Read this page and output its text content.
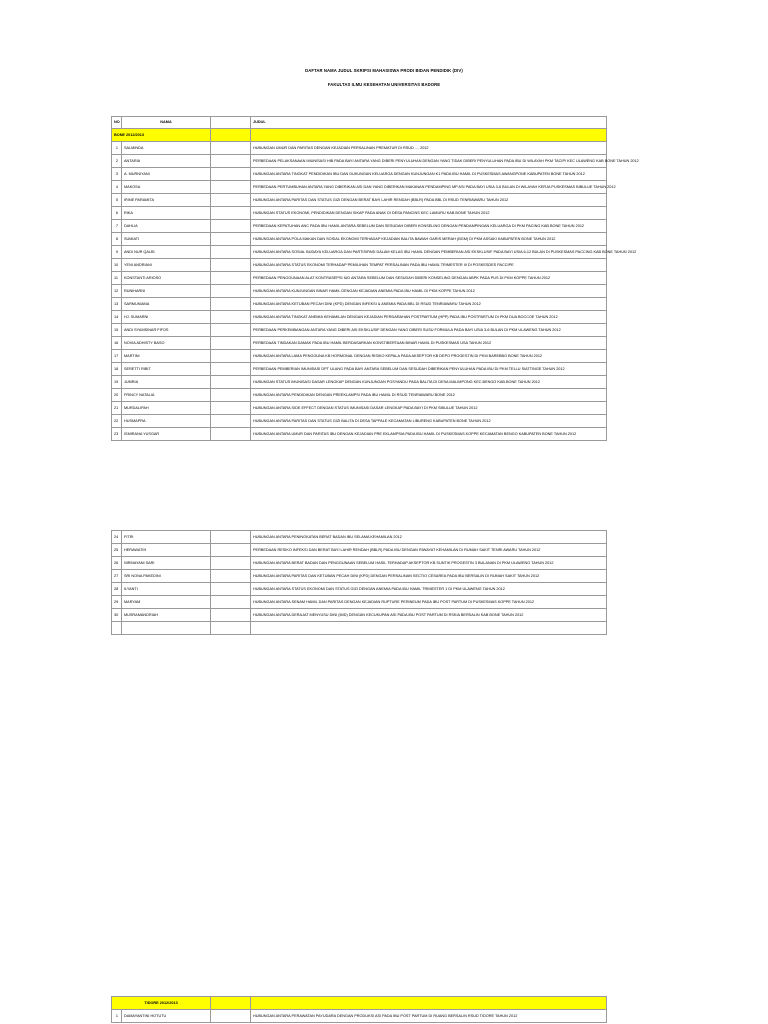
DAFTAR NAMA JUDUL SKRIPSI MAHASISWA PRODI BIDAN PENDIDIK (DIV)
FAKULTAS ILMU KESEHATAN UNIVERSITAS BADORE
NO	NAMA		JUDUL
BONE 2012/2013			
1	SALMINDA		HUBUNGAN UMUR DAN PARITAS DENGAN KEJADIAN PERSALINAN PREMATUR DI RSUD .... 2012
2	ANTARIA		PERBEDAAN PELAKSANAAN IMUNISASI HIB PADA BAYI ANTARA YANG DIBERI PENYULUHAN DENGAN YANG TIDAK DIBERI PENYULUHAN PADA IBU DI WILAYAH PKM TACIPI KEC ULAWENG KAB BONE TAHUN 2012
3	A. MURNIYANI		HUBUNGAN ANTARA TINGKAT PENDIDIKAN IBU DAN DUKUNGAN KELUARGA DENGAN KUNJUNGAN K1 PADA IBU HAMIL DI PUSKESMAS AWANGPONE KABUPATEN BONE TAHUN 2012
4	MAKOSA		PERBEDAAN PERTUMBUHAN ANTARA YANG DIBERIKAN ASI DAN YANG DIBERIKAN MAKANAN PENDAMPING MP ASI PADA BAYI USIA 3-6 BULAN DI WILAYAH KERJA PUSKESMAS BIBULUE TAHUN 2012
5	IRINE PARAMITA		HUBUNGAN ANTARA PARITAS DAN STATUS GIZI DENGAN BERAT BAYI LAHIR RENDAH (BBLR) PADA BBL DI RSUD TENRIAWARU TAHUN 2012
6	RIKA		HUBUNGAN STATUS EKONOMI, PENDIDIKAN DENGAN SIKAP PADA ANAK DI DESA PANCINS KEC LAMURU KAB BONE TAHUN 2012
7	DAHLIA		PERBEDAAN KEPATUHAN ANC PADA IBU HAMIL ANTARA SEBELUM DAN SESUDAH DIBERI KONSELING DENGAN PENDAMPINGAN KELUARGA DI PKM PACING KAB BONE TAHUN 2012
8	SUMIATI		HUBUNGAN ANTARA POLA MAKAN DAN SOSIAL EKONOMI TERHADAP KEJADIAN BALITA BAWAH GARIS MERAH (BGM) DI PKM ASSAKI KABUPATEN BONE TAHUN 2012
9	ANDI NUR QALBI		HUBUNGAN ANTARA SOSIAL BUDAYA KELUARGA DAN PARTISIPASI DALAM KELAS IBU HAMIL DENGAN PEMBERIAN ASI EKSKLUSIF PADA BAYI USIA 6-12 BULAN DI PUSKESMAS PACCING KAB BONE TAHUN 2012
10	YENI ANDRIANI		HUBUNGAN ANTARA STATUS EKONOMI TERHADAP PEMILIHAN TEMPAT PERSALINAN PADA IBU HAMIL TRIMESTER III DI POSKESDES PACCIPE
11	KONSTANTI ARIOSO		PERBEDAAN PENGGUNAAN ALAT KONTRASEPSI IUD ANTARA SEBELUM DAN SESUDAH DIBERI KONSELING DENGAN ABPK PADA PUS DI PKM KOPPE TAHUN 2012
12	RUNIHARNI		HUBUNGAN ANTARA KUNJUNGAN BINAR HAMIL DENGAN KEJADIAN ANEMIA PADA IBU HAMIL DI PKM KOPPE TAHUN 2012
13	SARMUNIANA		HUBUNGAN ANTARA KETUBAN PECAH DINI (KPD) DENGAN INFEKSI & ANEMIA PADA BBL DI RSUD TENRIAWARU TAHUN 2012
14	HJ. SUMARNI		HUBUNGAN ANTARA TINGKAT ANEMIA KEHAMILAN DENGAN KEJADIAN PERDARAHAN POSTPARTUM (HPP) PADA IBU POSTPARTUM DI PKM DUA BOCCOE TAHUN 2012
15	ANDI SYAMSINAR FIFOS		PERBEDAAN PERKEMBANGAN ANTARA YANG DIBERI ASI EKSKLUSIF DENGAN YANG DIBERI SUSU FORMULA PADA BAYI USIA 3-6 BULAN DI PKM ULAWENG TAHUN 2012
16	NOVIA ADHISTY BASO		PERBEDAAN TINDAKAN DAMAK PADA IBU HAMIL BERDASARKAN KONSTIBERTAAN BINAR HAMIL DI PUSKESMAS USA TAHUN 2012
17	MARTINI		HUBUNGAN ANTARA LAMA PENGGUNA KB HORMONAL DENGAN RISIKO KEPALA PADA AKSEPTOR KB DEPO PROGESTIN DI PKM BAREBBO BONE TAHUN 2012
18	SERETTI RIBIT		PERBEDAAN PEMBERIAN IMUNISASI DPT ULANG PADA BAYI ANTARA SEBELUM DAN SESUDAH DIBERIKAN PENYULUHAN PADA IBU DI PKM TELLU SIATTINGE TAHUN 2012
19	JUMRIA		HUBUNGAN STATUS IMUNISASI DASAR LENGKAP DENGAN KUNJUNGAN POSYANDU PADA BALITA DI DESA MALIMPONG KEC.BENGO KAB.BONE TAHUN 2012
20	FRINCY NATALIA		HUBUNGAN ANTARA PENDIDIKAN DENGAN PREEKLAMPSI PADA IBU HAMIL DI RSUD TENRIAWARU BONE 2012
21	MURDALIPAH		HUBUNGAN ANTARA SIDE EFFECT DENGAN STATUS IMUNISASI DASAR LENGKAP PADA BAYI DI PKM SIBULUE TAHUN 2012
22	HUSMAPRA		HUBUNGAN ANTARA PARITAS DAN STATUS GIZI BALITA DI DESA TAPPALE KECAMATAN LIBURENG KABUPATEN BONE TAHUN 2012
23	ISMIRANA YUSGAR		HUBUNGAN ANTARA UMUR DAN PARITAS IBU DENGAN KEJADIAN PRE EKLAMPSIA PADA IBU HAMIL DI PUSKESMAS KOPPE KECAMATAN BENGO KABUPATEN BONE TAHUN 2012
24	FITRI		HUBUNGAN ANTARA PENINGKATAN BERAT BADAN IBU SELAMA KEHAMILAN 2012
25	HERAWATIH		PERBEDAAN RESIKO INFEKSI DAN BERAT BAYI LAHIR RENDAH (BBLR) PADA IBU DENGAN RIWAYAT KEHAMILAN DI RUMAH SAKIT TENRI AWARU TAHUN 2012
26	NIRMAYANI SARI		HUBUNGAN ANTARA BERAT BADAN DAN PENGGUNAAN SEBELUM HASIL TERHADAP AKSEPTOR KB SUNTIK PROGESTIN 3 BULANAN DI PKM ULAWENG TAHUN 2012
27	SRI NONA PAKEDINI		HUBUNGAN ANTARA PARITAS DAN KETUBAN PECAH DINI (KPD) DENGAN PERSALINAN SECTIO CESAREA PADA IBU BERSALIN DI RUMAH SAKIT TAHUN 2012
28	ILYANTI		HUBUNGAN ANTARA STATUS EKONOMI DAN STATUS GIZI DENGAN ANEMIA PADA IBU HAMIL TRIMESTER 1 DI PKM ULAWENG TAHUN 2012
29	MARYAM		HUBUNGAN ANTARA SENAM HAMIL DAN PARITAS DENGAN KEJADIAN RUPTURE PERINEUM PADA IBU POST PARTUM DI PUSKESMAS KOPPE TAHUN 2012
30	MUSRAMANDRIAH		HUBUNGAN ANTARA DERAJAT MENYUSU DINI (IMD) DENGAN KECUKUPAN ASI PADA IBU POST PARTUM DI RSKIA BERSALIN KAB BONE TAHUN 2012

TIDORE 2012/2013			
1	DAMAYANTINI HOTUTU		HUBUNGAN ANTARA PERAWATAN PAYUDARA DENGAN PRODUKSI ASI PADA IBU POST PARTUM DI RUANG BERSALIN RSUD TIDORE TAHUN 2012
